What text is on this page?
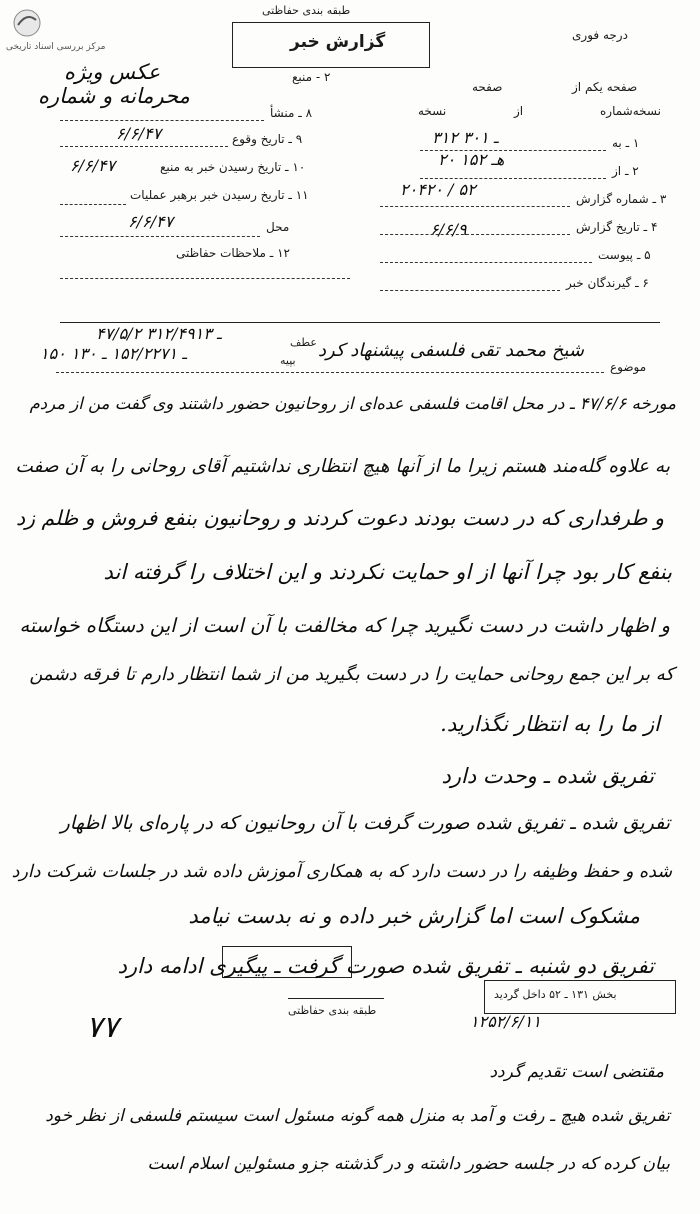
مرکز بررسی اسناد تاریخی
طبقه بندی حفاظتی
گزارش خبر	درجه فوری
۲ - منبع
عکس ویژه
محرمانه و شماره	صفحه یکم از
صفحه
نسخه‌شماره
از
نسخه
۱ ـ به
۳۱۲ ـ ۳۰۱
۲ ـ از
۲۰ هـ ۱۵۲
۳ ـ شماره گزارش
۲۰۴۲۰ / ۵۲
۴ ـ تاریخ گزارش
۶/۶/۹
۵ ـ پیوست
۶ ـ گیرندگان خبر
۸ ـ منشأ
۹ ـ تاریخ وقوع
۶/۶/۴۷
۱۰ ـ تاریخ رسیدن خبر به منبع
۶/۶/۴۷
۱۱ ـ تاریخ رسیدن خبر برهبر عملیات
محل
۶/۶/۴۷
۱۲ ـ ملاحظات حفاظتی
عطف
بپیه
۴۷/۵/۲ ـ ۳۱۲/۴۹۱۳
۱۵۰ ـ ۱۵۲/۲۲۷۱ ـ ۱۳۰
موضوع
شیخ محمد تقی فلسفی پیشنهاد کرد
مورخه ۴۷/۶/۶ ـ در محل اقامت فلسفی عده‌ای از روحانیون حضور داشتند وی گفت من از مردم
به علاوه گله‌مند هستم زیرا ما از آنها هیچ انتظاری نداشتیم آقای روحانی را به آن صفت
و طرفداری که در دست بودند دعوت کردند و روحانیون بنفع فروش و ظلم زد
بنفع کار بود چرا آنها از او حمایت نکردند و این اختلاف را گرفته اند
و اظهار داشت در دست نگیرید چرا که مخالفت با آن است از این دستگاه خواسته
که بر این جمع روحانی حمایت را در دست بگیرید من از شما انتظار دارم تا فرقه دشمن
از ما را به انتظار نگذارید.
تفریق شده ـ وحدت دارد
تفریق شده ـ تفریق شده صورت گرفت با آن روحانیون که در پاره‌ای بالا اظهار
شده و حفظ وظیفه را در دست دارد که به همکاری آموزش داده شد در جلسات شرکت دارد
مشکوک است اما گزارش خبر داده و نه بدست نیامد
تفریق دو شنبه ـ تفریق شده صورت گرفت ـ پیگیری ادامه دارد
طبقه بندی حفاظتی
بخش ۱۳۱ ـ ۵۲ داخل گردید
۱۲۵۲/۶/۱۱
۷۷
مقتضی است تقدیم گردد
تفریق شده هیچ ـ رفت و آمد به منزل همه گونه مسئول است سیستم فلسفی از نظر خود
بیان کرده که در جلسه حضور داشته و در گذشته جزو مسئولین اسلام است
